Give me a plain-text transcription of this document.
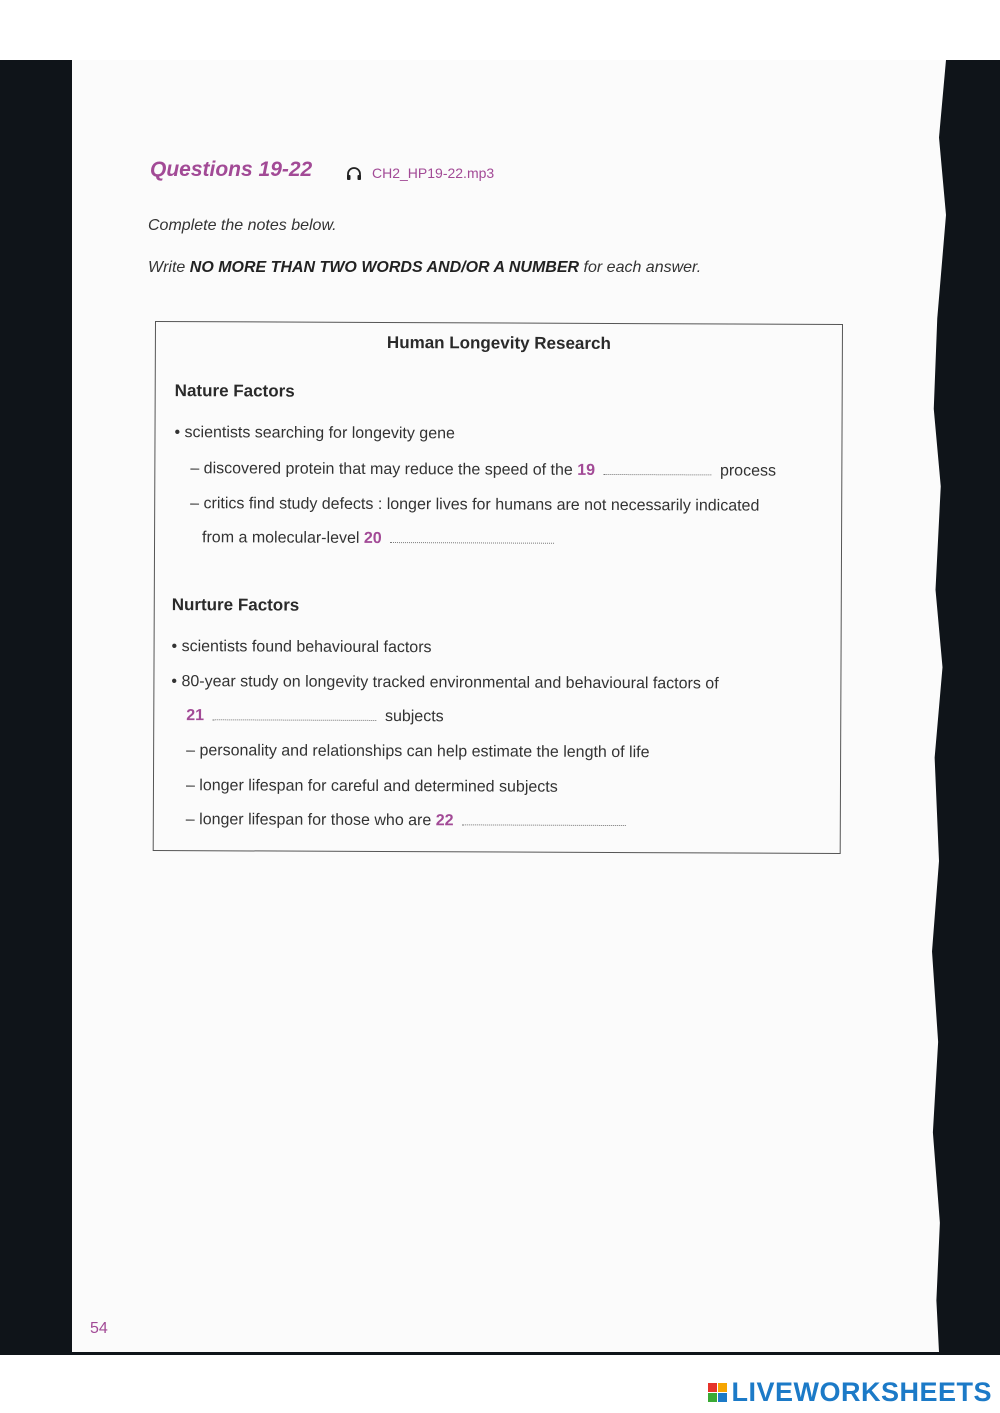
Questions 19-22	CH2_HP19-22.mp3
Complete the notes below.
Write NO MORE THAN TWO WORDS AND/OR A NUMBER for each answer.
Human Longevity Research
Nature Factors
• scientists searching for longevity gene
– discovered protein that may reduce the speed of the 19	process
– critics find study defects : longer lives for humans are not necessarily indicated
from a molecular-level 20
Nurture Factors
• scientists found behavioural factors
• 80-year study on longevity tracked environmental and behavioural factors of
21	subjects
– personality and relationships can help estimate the length of life
– longer lifespan for careful and determined subjects
– longer lifespan for those who are 22
54
LIVEWORKSHEETS
